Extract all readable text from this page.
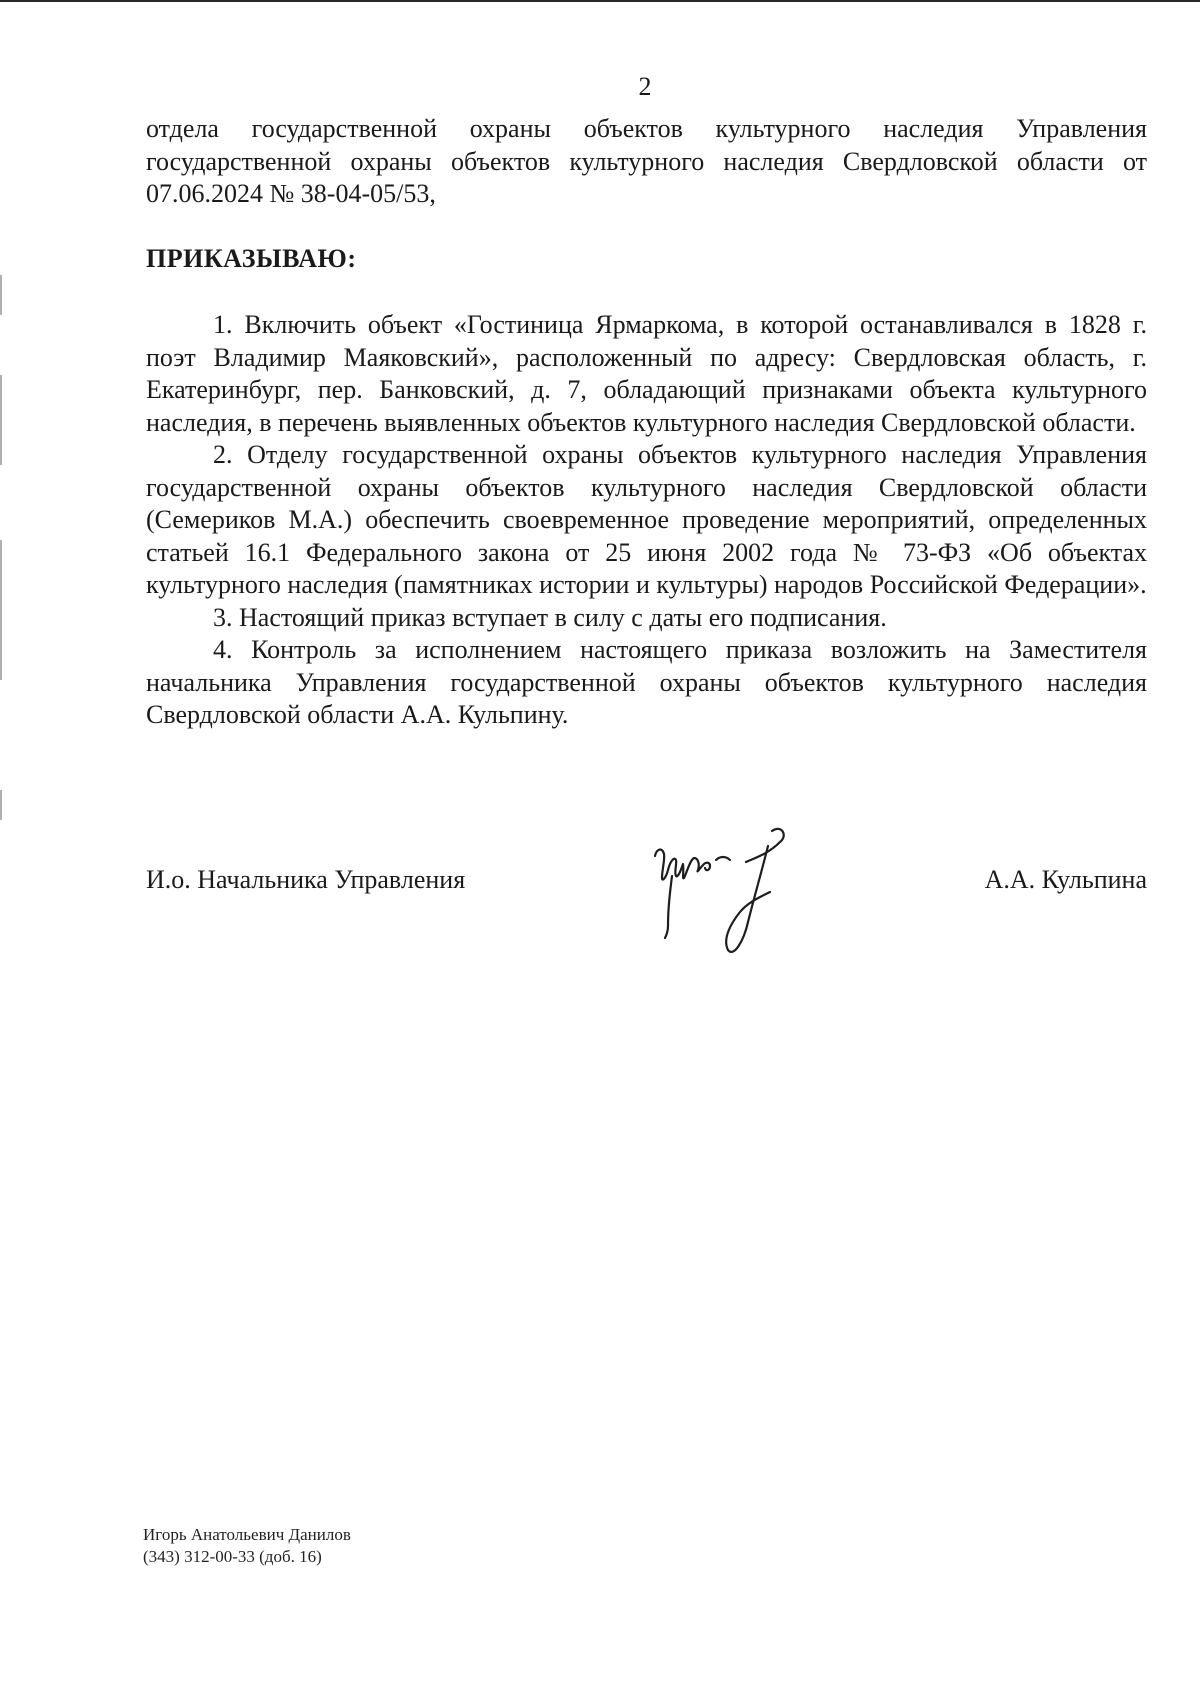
2

отдела государственной охраны объектов культурного наследия Управления государственной охраны объектов культурного наследия Свердловской области от 07.06.2024 № 38-04-05/53,

ПРИКАЗЫВАЮ:

1. Включить объект «Гостиница Ярмаркома, в которой останавливался в 1828 г. поэт Владимир Маяковский», расположенный по адресу: Свердловская область, г. Екатеринбург, пер. Банковский, д. 7, обладающий признаками объекта культурного наследия, в перечень выявленных объектов культурного наследия Свердловской области.

2. Отделу государственной охраны объектов культурного наследия Управления государственной охраны объектов культурного наследия Свердловской области (Семериков М.А.) обеспечить своевременное проведение мероприятий, определенных статьей 16.1 Федерального закона от 25 июня 2002 года № 73-ФЗ «Об объектах культурного наследия (памятниках истории и культуры) народов Российской Федерации».

3. Настоящий приказ вступает в силу с даты его подписания.

4. Контроль за исполнением настоящего приказа возложить на Заместителя начальника Управления государственной охраны объектов культурного наследия Свердловской области А.А. Кульпину.

И.о. Начальника Управления	А.А. Кульпина
Игорь Анатольевич Данилов
(343) 312-00-33 (доб. 16)
